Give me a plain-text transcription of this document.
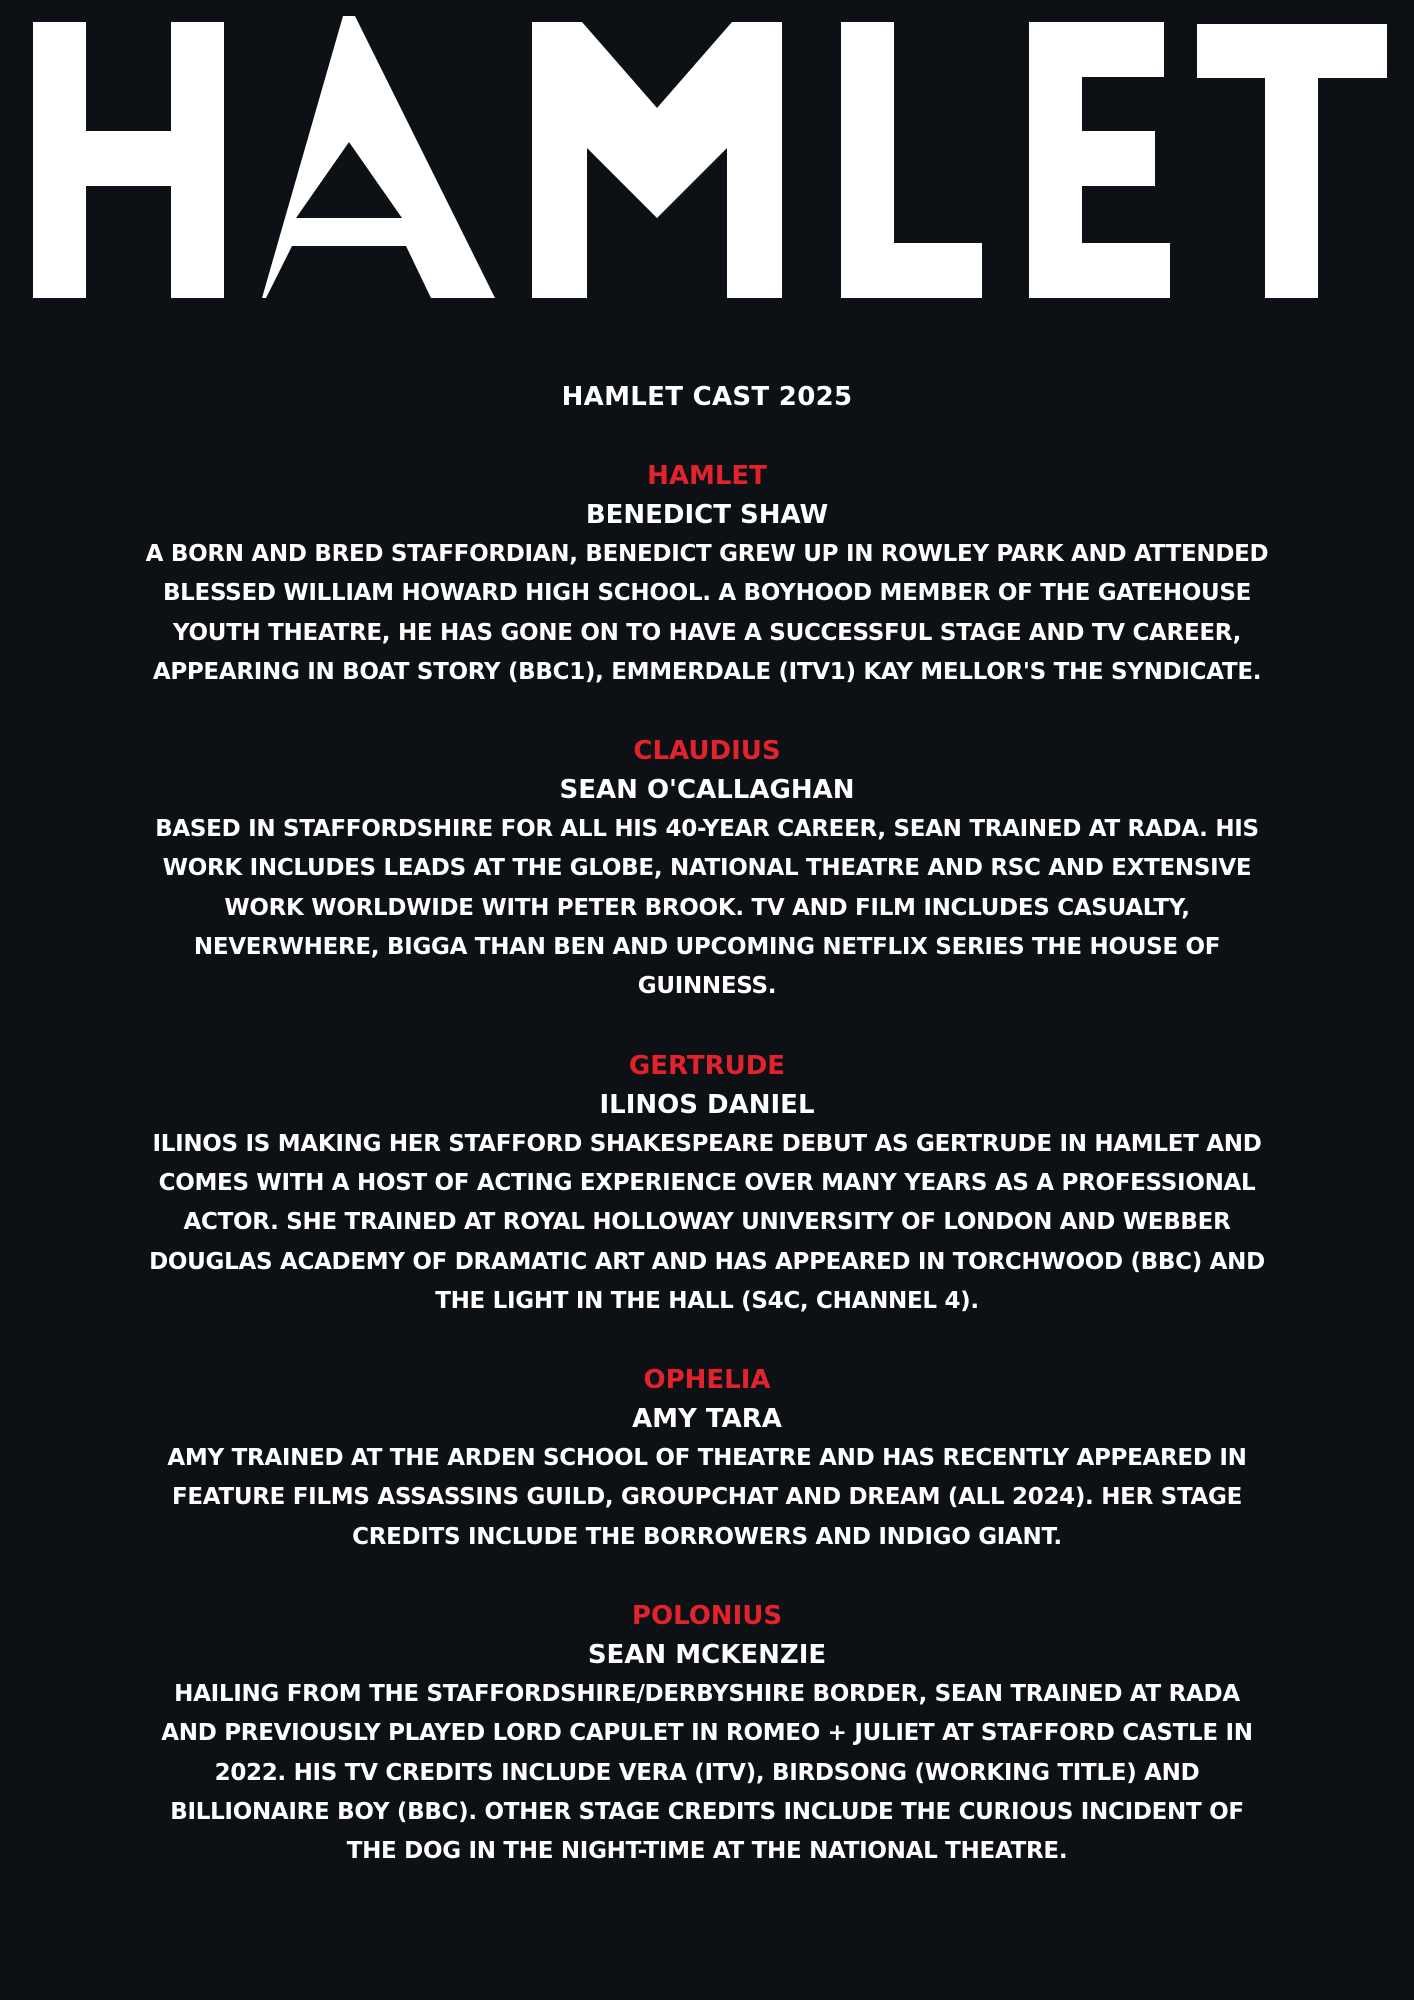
HAMLET
HAMLET CAST 2025
HAMLET
BENEDICT SHAW
A BORN AND BRED STAFFORDIAN, BENEDICT GREW UP IN ROWLEY PARK AND ATTENDED BLESSED WILLIAM HOWARD HIGH SCHOOL. A BOYHOOD MEMBER OF THE GATEHOUSE YOUTH THEATRE, HE HAS GONE ON TO HAVE A SUCCESSFUL STAGE AND TV CAREER, APPEARING IN BOAT STORY (BBC1), EMMERDALE (ITV1) KAY MELLOR'S THE SYNDICATE.
CLAUDIUS
SEAN O'CALLAGHAN
BASED IN STAFFORDSHIRE FOR ALL HIS 40-YEAR CAREER, SEAN TRAINED AT RADA. HIS WORK INCLUDES LEADS AT THE GLOBE, NATIONAL THEATRE AND RSC AND EXTENSIVE WORK WORLDWIDE WITH PETER BROOK. TV AND FILM INCLUDES CASUALTY, NEVERWHERE, BIGGA THAN BEN AND UPCOMING NETFLIX SERIES THE HOUSE OF GUINNESS.
GERTRUDE
ILINOS DANIEL
ILINOS IS MAKING HER STAFFORD SHAKESPEARE DEBUT AS GERTRUDE IN HAMLET AND COMES WITH A HOST OF ACTING EXPERIENCE OVER MANY YEARS AS A PROFESSIONAL ACTOR. SHE TRAINED AT ROYAL HOLLOWAY UNIVERSITY OF LONDON AND WEBBER DOUGLAS ACADEMY OF DRAMATIC ART AND HAS APPEARED IN TORCHWOOD (BBC) AND THE LIGHT IN THE HALL (S4C, CHANNEL 4).
OPHELIA
AMY TARA
AMY TRAINED AT THE ARDEN SCHOOL OF THEATRE AND HAS RECENTLY APPEARED IN FEATURE FILMS ASSASSINS GUILD, GROUPCHAT AND DREAM (ALL 2024). HER STAGE CREDITS INCLUDE THE BORROWERS AND INDIGO GIANT.
POLONIUS
SEAN MCKENZIE
HAILING FROM THE STAFFORDSHIRE/DERBYSHIRE BORDER, SEAN TRAINED AT RADA AND PREVIOUSLY PLAYED LORD CAPULET IN ROMEO + JULIET AT STAFFORD CASTLE IN 2022. HIS TV CREDITS INCLUDE VERA (ITV), BIRDSONG (WORKING TITLE) AND BILLIONAIRE BOY (BBC). OTHER STAGE CREDITS INCLUDE THE CURIOUS INCIDENT OF THE DOG IN THE NIGHT-TIME AT THE NATIONAL THEATRE.
